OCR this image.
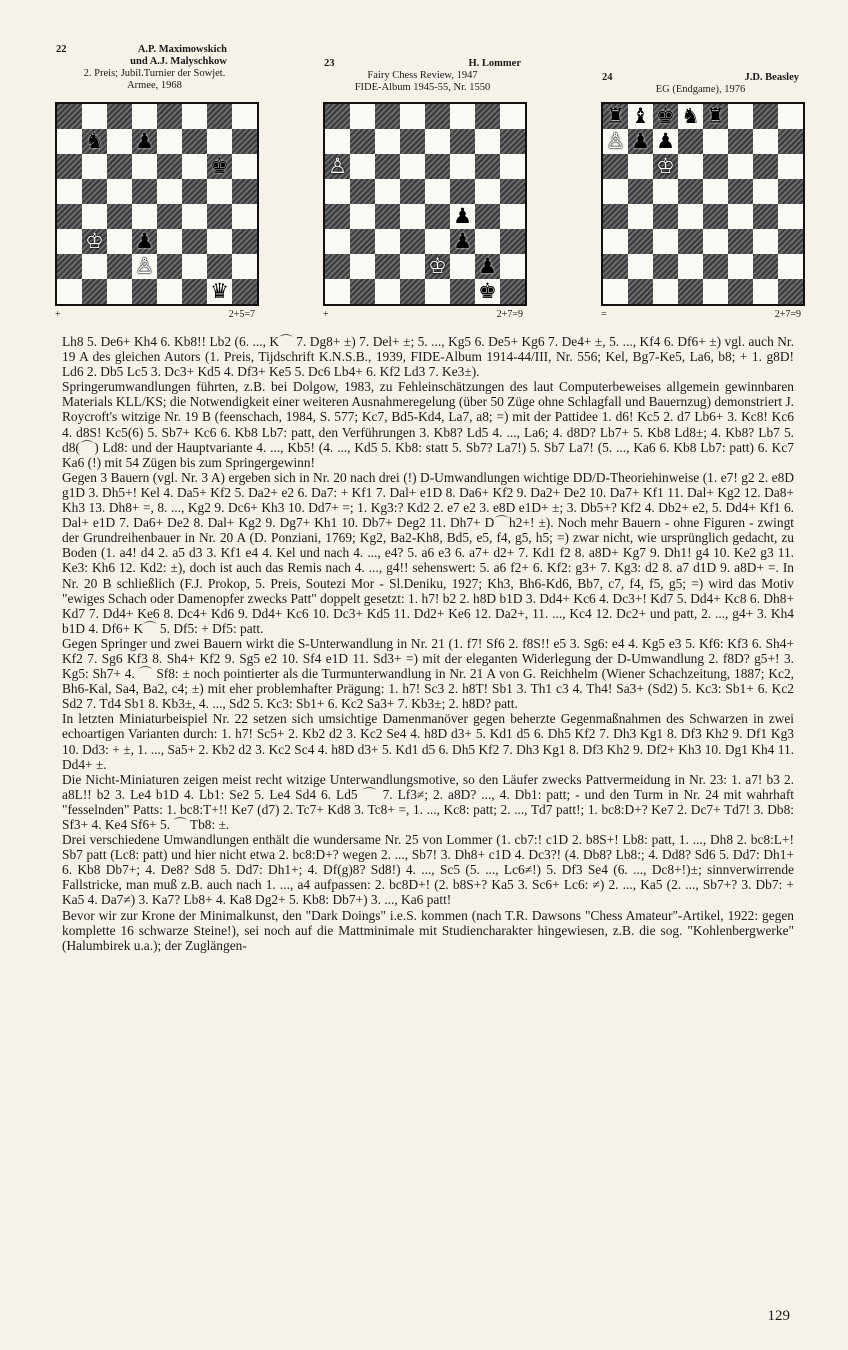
22	A.P. Maximowskich
und A.J. Malyschkow
2. Preis; Jubil.Turnier der Sowjet.
Armee, 1968
♞ ♟
♚
♔ ♟
♙
♛
+	2+5=7
23	H. Lommer
Fairy Chess Review, 1947
FIDE-Album 1945-55, Nr. 1550
♙
♟
♟
♔ ♟
♚
+	2+7=9
24	J.D. Beasley
EG (Endgame), 1976
♜ ♝ ♚ ♞ ♜
♙ ♟ ♟
♔
=	2+7=9

Lh8 5. De6+ Kh4 6. Kb8!! Lb2 (6. ..., K⌒ 7. Dg8+ ±) 7. Del+ ±; 5. ..., Kg5 6. De5+ Kg6 7. De4+ ±, 5. ..., Kf4 6. Df6+ ±) vgl. auch Nr. 19 A des gleichen Autors (1. Preis, Tijdschrift K.N.S.B., 1939, FIDE-Album 1914-44/III, Nr. 556; Kel, Bg7-Ke5, La6, b8; + 1. g8D! Ld6 2. Db5 Lc5 3. Dc3+ Kd5 4. Df3+ Ke5 5. Dc6 Lb4+ 6. Kf2 Ld3 7. Ke3±).

Springerumwandlungen führten, z.B. bei Dolgow, 1983, zu Fehleinschätzungen des laut Computerbeweises allgemein gewinnbaren Materials KLL/KS; die Notwendigkeit einer weiteren Ausnahmeregelung (über 50 Züge ohne Schlagfall und Bauernzug) demonstriert J. Roycroft's witzige Nr. 19 B (feenschach, 1984, S. 577; Kc7, Bd5-Kd4, La7, a8; =) mit der Pattidee 1. d6! Kc5 2. d7 Lb6+ 3. Kc8! Kc6 4. d8S! Kc5(6) 5. Sb7+ Kc6 6. Kb8 Lb7: patt, den Verführungen 3. Kb8? Ld5 4. ..., La6; 4. d8D? Lb7+ 5. Kb8 Ld8±; 4. Kb8? Lb7 5. d8(⌒) Ld8: und der Hauptvariante 4. ..., Kb5! (4. ..., Kd5 5. Kb8: statt 5. Sb7? La7!) 5. Sb7 La7! (5. ..., Ka6 6. Kb8 Lb7: patt) 6. Kc7 Ka6 (!) mit 54 Zügen bis zum Springergewinn!

Gegen 3 Bauern (vgl. Nr. 3 A) ergeben sich in Nr. 20 nach drei (!) D-Umwandlungen wichtige DD/D-Theoriehinweise (1. e7! g2 2. e8D g1D 3. Dh5+! Kel 4. Da5+ Kf2 5. Da2+ e2 6. Da7: + Kf1 7. Dal+ e1D 8. Da6+ Kf2 9. Da2+ De2 10. Da7+ Kf1 11. Dal+ Kg2 12. Da8+ Kh3 13. Dh8+ =, 8. ..., Kg2 9. Dc6+ Kh3 10. Dd7+ =; 1. Kg3:? Kd2 2. e7 e2 3. e8D e1D+ ±; 3. Db5+? Kf2 4. Db2+ e2, 5. Dd4+ Kf1 6. Dal+ e1D 7. Da6+ De2 8. Dal+ Kg2 9. Dg7+ Kh1 10. Db7+ Deg2 11. Dh7+ D⌒h2+! ±). Noch mehr Bauern - ohne Figuren - zwingt der Grundreihenbauer in Nr. 20 A (D. Ponziani, 1769; Kg2, Ba2-Kh8, Bd5, e5, f4, g5, h5; =) zwar nicht, wie ursprünglich gedacht, zu Boden (1. a4! d4 2. a5 d3 3. Kf1 e4 4. Kel und nach 4. ..., e4? 5. a6 e3 6. a7+ d2+ 7. Kd1 f2 8. a8D+ Kg7 9. Dh1! g4 10. Ke2 g3 11. Ke3: Kh6 12. Kd2: ±), doch ist auch das Remis nach 4. ..., g4!! sehenswert: 5. a6 f2+ 6. Kf2: g3+ 7. Kg3: d2 8. a7 d1D 9. a8D+ =. In Nr. 20 B schließlich (F.J. Prokop, 5. Preis, Soutezi Mor - Sl.Deniku, 1927; Kh3, Bh6-Kd6, Bb7, c7, f4, f5, g5; =) wird das Motiv "ewiges Schach oder Damenopfer zwecks Patt" doppelt gesetzt: 1. h7! b2 2. h8D b1D 3. Dd4+ Kc6 4. Dc3+! Kd7 5. Dd4+ Kc8 6. Dh8+ Kd7 7. Dd4+ Ke6 8. Dc4+ Kd6 9. Dd4+ Kc6 10. Dc3+ Kd5 11. Dd2+ Ke6 12. Da2+, 11. ..., Kc4 12. Dc2+ und patt, 2. ..., g4+ 3. Kh4 b1D 4. Df6+ K⌒ 5. Df5: + Df5: patt.

Gegen Springer und zwei Bauern wirkt die S-Unterwandlung in Nr. 21 (1. f7! Sf6 2. f8S!! e5 3. Sg6: e4 4. Kg5 e3 5. Kf6: Kf3 6. Sh4+ Kf2 7. Sg6 Kf3 8. Sh4+ Kf2 9. Sg5 e2 10. Sf4 e1D 11. Sd3+ =) mit der eleganten Widerlegung der D-Umwandlung 2. f8D? g5+! 3. Kg5: Sh7+ 4. ⌒ Sf8: ± noch pointierter als die Turmunterwandlung in Nr. 21 A von G. Reichhelm (Wiener Schachzeitung, 1887; Kc2, Bh6-Kal, Sa4, Ba2, c4; ±) mit eher problemhafter Prägung: 1. h7! Sc3 2. h8T! Sb1 3. Th1 c3 4. Th4! Sa3+ (Sd2) 5. Kc3: Sb1+ 6. Kc2 Sd2 7. Td4 Sb1 8. Kb3±, 4. ..., Sd2 5. Kc3: Sb1+ 6. Kc2 Sa3+ 7. Kb3±; 2. h8D? patt.

In letzten Miniaturbeispiel Nr. 22 setzen sich umsichtige Damenmanöver gegen beherzte Gegenmaßnahmen des Schwarzen in zwei echoartigen Varianten durch: 1. h7! Sc5+ 2. Kb2 d2 3. Kc2 Se4 4. h8D d3+ 5. Kd1 d5 6. Dh5 Kf2 7. Dh3 Kg1 8. Df3 Kh2 9. Df1 Kg3 10. Dd3: + ±, 1. ..., Sa5+ 2. Kb2 d2 3. Kc2 Sc4 4. h8D d3+ 5. Kd1 d5 6. Dh5 Kf2 7. Dh3 Kg1 8. Df3 Kh2 9. Df2+ Kh3 10. Dg1 Kh4 11. Dd4+ ±.

Die Nicht-Miniaturen zeigen meist recht witzige Unterwandlungsmotive, so den Läufer zwecks Pattvermeidung in Nr. 23: 1. a7! b3 2. a8L!! b2 3. Le4 b1D 4. Lb1: Se2 5. Le4 Sd4 6. Ld5 ⌒ 7. Lf3≠; 2. a8D? ..., 4. Db1: patt; - und den Turm in Nr. 24 mit wahrhaft "fesselnden" Patts: 1. bc8:T+!! Ke7 (d7) 2. Tc7+ Kd8 3. Tc8+ =, 1. ..., Kc8: patt; 2. ..., Td7 patt!; 1. bc8:D+? Ke7 2. Dc7+ Td7! 3. Db8: Sf3+ 4. Ke4 Sf6+ 5. ⌒ Tb8: ±.

Drei verschiedene Umwandlungen enthält die wundersame Nr. 25 von Lommer (1. cb7:! c1D 2. b8S+! Lb8: patt, 1. ..., Dh8 2. bc8:L+! Sb7 patt (Lc8: patt) und hier nicht etwa 2. bc8:D+? wegen 2. ..., Sb7! 3. Dh8+ c1D 4. Dc3?! (4. Db8? Lb8:; 4. Dd8? Sd6 5. Dd7: Dh1+ 6. Kb8 Db7+; 4. De8? Sd8 5. Dd7: Dh1+; 4. Df(g)8? Sd8!) 4. ..., Sc5 (5. ..., Lc6≠!) 5. Df3 Se4 (6. ..., Dc8+!)±; sinnverwirrende Fallstricke, man muß z.B. auch nach 1. ..., a4 aufpassen: 2. bc8D+! (2. b8S+? Ka5 3. Sc6+ Lc6: ≠) 2. ..., Ka5 (2. ..., Sb7+? 3. Db7: + Ka5 4. Da7≠) 3. Ka7? Lb8+ 4. Ka8 Dg2+ 5. Kb8: Db7+) 3. ..., Ka6 patt!

Bevor wir zur Krone der Minimalkunst, den "Dark Doings" i.e.S. kommen (nach T.R. Dawsons "Chess Amateur"-Artikel, 1922: gegen komplette 16 schwarze Steine!), sei noch auf die Mattminimale mit Studiencharakter hingewiesen, z.B. die sog. "Kohlenbergwerke" (Halumbirek u.a.); der Zuglängen-

129
